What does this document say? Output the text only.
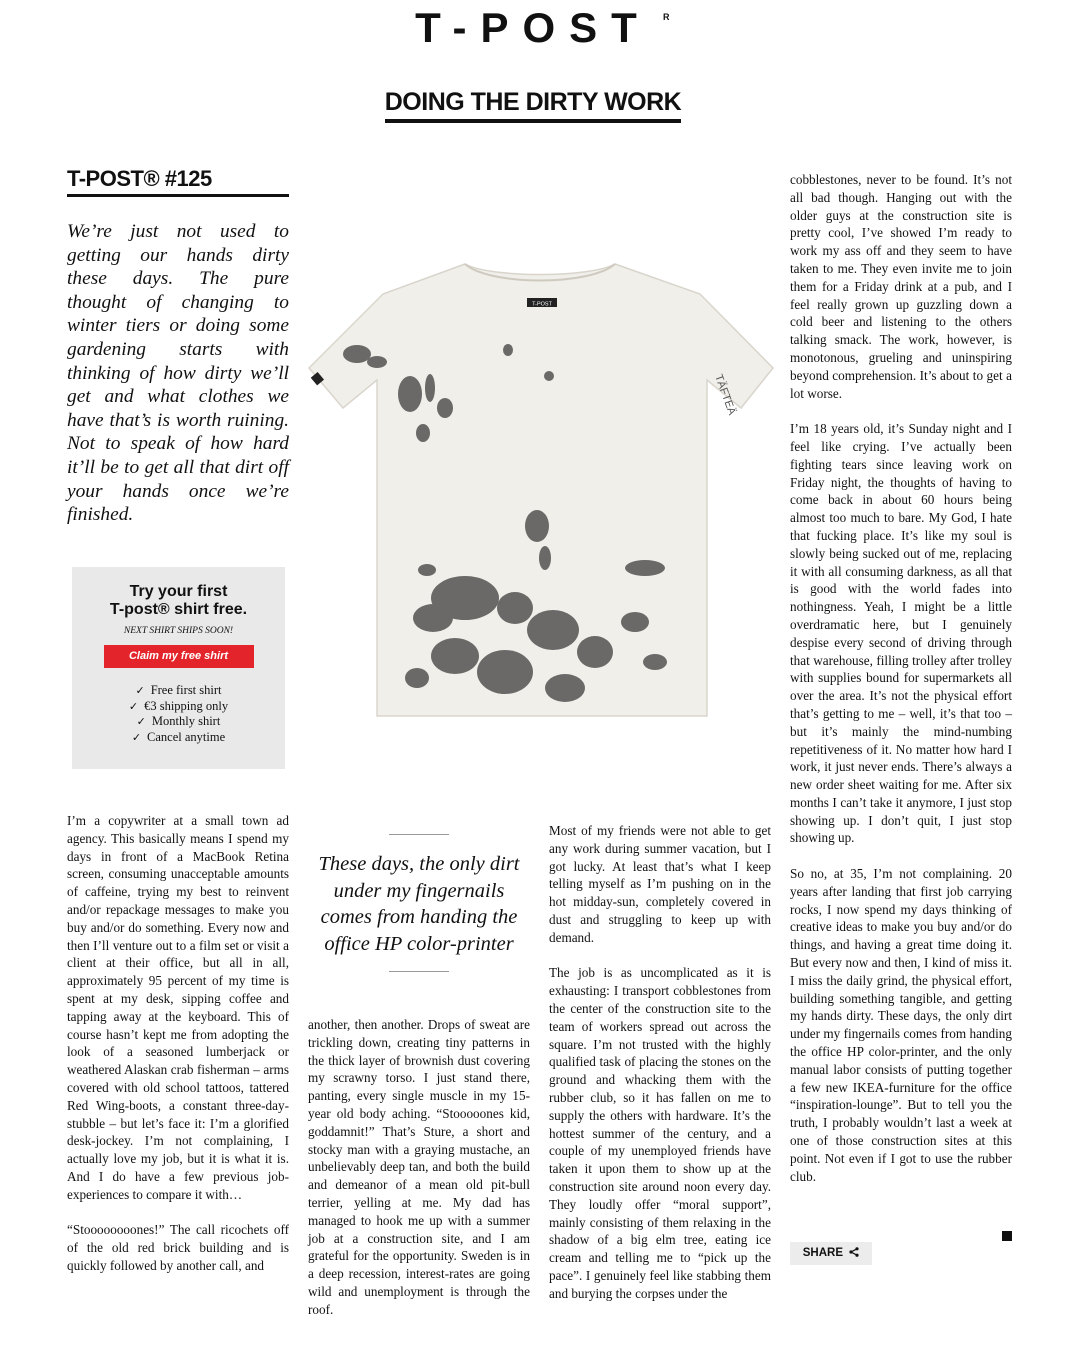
T-POST R
DOING THE DIRTY WORK
T-POST® #125
We’re just not used to getting our hands dirty these days. The pure thought of changing to winter tiers or doing some gardening starts with thinking of how dirty we’ll get and what clothes we have that’s is worth ruining. Not to speak of how hard it’ll be to get all that dirt off your hands once we’re finished.
Try your first
T-post® shirt free.
NEXT SHIRT SHIPS SOON!
Claim my free shirt
✓ Free first shirt
✓ €3 shipping only
✓ Monthly shirt
✓ Cancel anytime
T-POST
TÄFTEÄ
These days, the only dirt under my fingernails comes from handing the office HP color-printer

I’m a copywriter at a small town ad agency. This basically means I spend my days in front of a MacBook Retina screen, consuming unacceptable amounts of caffeine, trying my best to reinvent and/or repackage messages to make you buy and/or do something. Every now and then I’ll venture out to a film set or visit a client at their office, but all in all, approximately 95 percent of my time is spent at my desk, sipping coffee and tapping away at the keyboard. This of course hasn’t kept me from adopting the look of a seasoned lumberjack or weathered Alaskan crab fisherman – arms covered with old school tattoos, tattered Red Wing-boots, a constant three-day-stubble – but let’s face it: I’m a glorified desk-jockey. I’m not complaining, I actually love my job, but it is what it is. And I do have a few previous job-experiences to compare it with…

“Stoooooooones!” The call ricochets off of the old red brick building and is quickly followed by another call, and

another, then another. Drops of sweat are trickling down, creating tiny patterns in the thick layer of brownish dust covering my scrawny torso. I just stand there, panting, every single muscle in my 15-year old body aching. “Stooooones kid, goddamnit!” That’s Sture, a short and stocky man with a graying mustache, an unbelievably deep tan, and both the build and demeanor of a mean old pit-bull terrier, yelling at me. My dad has managed to hook me up with a summer job at a construction site, and I am grateful for the opportunity. Sweden is in a deep recession, interest-rates are going wild and unemployment is through the roof.

Most of my friends were not able to get any work during summer vacation, but I got lucky. At least that’s what I keep telling myself as I’m pushing on in the hot midday-sun, completely covered in dust and struggling to keep up with demand.

The job is as uncomplicated as it is exhausting: I transport cobblestones from the center of the construction site to the team of workers spread out across the square. I’m not trusted with the highly qualified task of placing the stones on the ground and whacking them with the rubber club, so it has fallen on me to supply the others with hardware. It’s the hottest summer of the century, and a couple of my unemployed friends have taken it upon them to show up at the construction site around noon every day. They loudly offer “moral support”, mainly consisting of them relaxing in the shadow of a big elm tree, eating ice cream and telling me to “pick up the pace”. I genuinely feel like stabbing them and burying the corpses under the

cobblestones, never to be found. It’s not all bad though. Hanging out with the older guys at the construction site is pretty cool, I’ve showed I’m ready to work my ass off and they seem to have taken to me. They even invite me to join them for a Friday drink at a pub, and I feel really grown up guzzling down a cold beer and listening to the others talking smack. The work, however, is monotonous, grueling and uninspiring beyond comprehension. It’s about to get a lot worse.

I’m 18 years old, it’s Sunday night and I feel like crying. I’ve actually been fighting tears since leaving work on Friday night, the thoughts of having to come back in about 60 hours being almost too much to bare. My God, I hate that fucking place. It’s like my soul is slowly being sucked out of me, replacing it with all consuming darkness, as all that is good with the world fades into nothingness. Yeah, I might be a little overdramatic here, but I genuinely despise every second of driving through that warehouse, filling trolley after trolley with supplies bound for supermarkets all over the area. It’s not the physical effort that’s getting to me – well, it’s that too – but it’s mainly the mind-numbing repetitiveness of it. No matter how hard I work, it just never ends. There’s always a new order sheet waiting for me. After six months I can’t take it anymore, I just stop showing up. I don’t quit, I just stop showing up.

So no, at 35, I’m not complaining. 20 years after landing that first job carrying rocks, I now spend my days thinking of creative ideas to make you buy and/or do things, and having a great time doing it. But every now and then, I kind of miss it. I miss the daily grind, the physical effort, building something tangible, and getting my hands dirty. These days, the only dirt under my fingernails comes from handing the office HP color-printer, and the only manual labor consists of putting together a few new IKEA-furniture for the office “inspiration-lounge”. But to tell you the truth, I probably wouldn’t last a week at one of those construction sites at this point. Not even if I got to use the rubber club.

SHARE
